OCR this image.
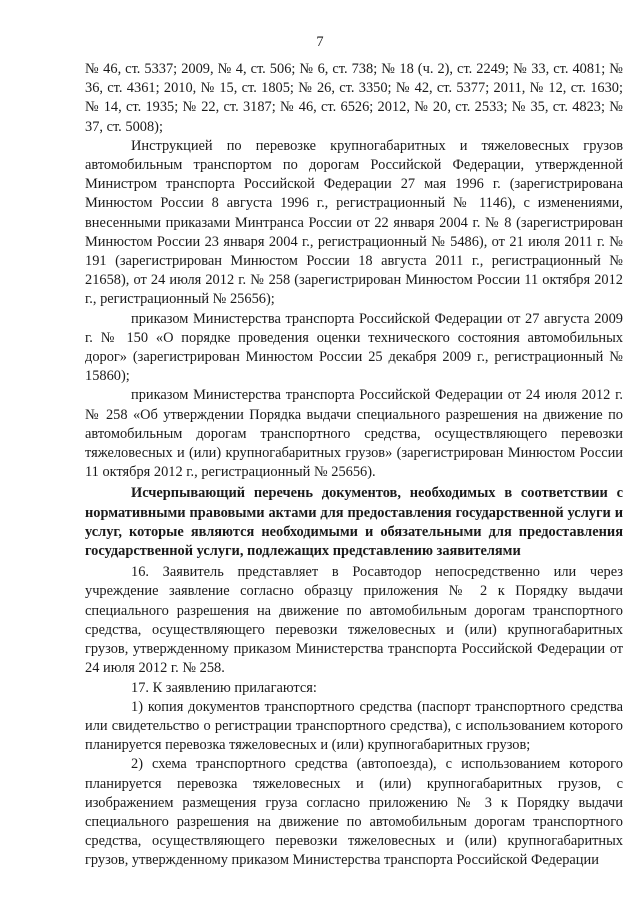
7

№ 46, ст. 5337; 2009, № 4, ст. 506; № 6, ст. 738; № 18 (ч. 2), ст. 2249; № 33, ст. 4081; № 36, ст. 4361; 2010, № 15, ст. 1805; № 26, ст. 3350; № 42, ст. 5377; 2011, № 12, ст. 1630; № 14, ст. 1935; № 22, ст. 3187; № 46, ст. 6526; 2012, № 20, ст. 2533; № 35, ст. 4823; № 37, ст. 5008);

Инструкцией по перевозке крупногабаритных и тяжеловесных грузов автомобильным транспортом по дорогам Российской Федерации, утвержденной Министром транспорта Российской Федерации 27 мая 1996 г. (зарегистрирована Минюстом России 8 августа 1996 г., регистрационный № 1146), с изменениями, внесенными приказами Минтранса России от 22 января 2004 г. № 8 (зарегистрирован Минюстом России 23 января 2004 г., регистрационный № 5486), от 21 июля 2011 г. № 191 (зарегистрирован Минюстом России 18 августа 2011 г., регистрационный № 21658), от 24 июля 2012 г. № 258 (зарегистрирован Минюстом России 11 октября 2012 г., регистрационный № 25656);

приказом Министерства транспорта Российской Федерации от 27 августа 2009 г. № 150 «О порядке проведения оценки технического состояния автомобильных дорог» (зарегистрирован Минюстом России 25 декабря 2009 г., регистрационный № 15860);

приказом Министерства транспорта Российской Федерации от 24 июля 2012 г. № 258 «Об утверждении Порядка выдачи специального разрешения на движение по автомобильным дорогам транспортного средства, осуществляющего перевозки тяжеловесных и (или) крупногабаритных грузов» (зарегистрирован Минюстом России 11 октября 2012 г., регистрационный № 25656).

Исчерпывающий перечень документов, необходимых в соответствии с нормативными правовыми актами для предоставления государственной услуги и услуг, которые являются необходимыми и обязательными для предоставления государственной услуги, подлежащих представлению заявителями

16. Заявитель представляет в Росавтодор непосредственно или через учреждение заявление согласно образцу приложения № 2 к Порядку выдачи специального разрешения на движение по автомобильным дорогам транспортного средства, осуществляющего перевозки тяжеловесных и (или) крупногабаритных грузов, утвержденному приказом Министерства транспорта Российской Федерации от 24 июля 2012 г. № 258.

17. К заявлению прилагаются:

1) копия документов транспортного средства (паспорт транспортного средства или свидетельство о регистрации транспортного средства), с использованием которого планируется перевозка тяжеловесных и (или) крупногабаритных грузов;

2) схема транспортного средства (автопоезда), с использованием которого планируется перевозка тяжеловесных и (или) крупногабаритных грузов, с изображением размещения груза согласно приложению № 3 к Порядку выдачи специального разрешения на движение по автомобильным дорогам транспортного средства, осуществляющего перевозки тяжеловесных и (или) крупногабаритных грузов, утвержденному приказом Министерства транспорта Российской Федерации
